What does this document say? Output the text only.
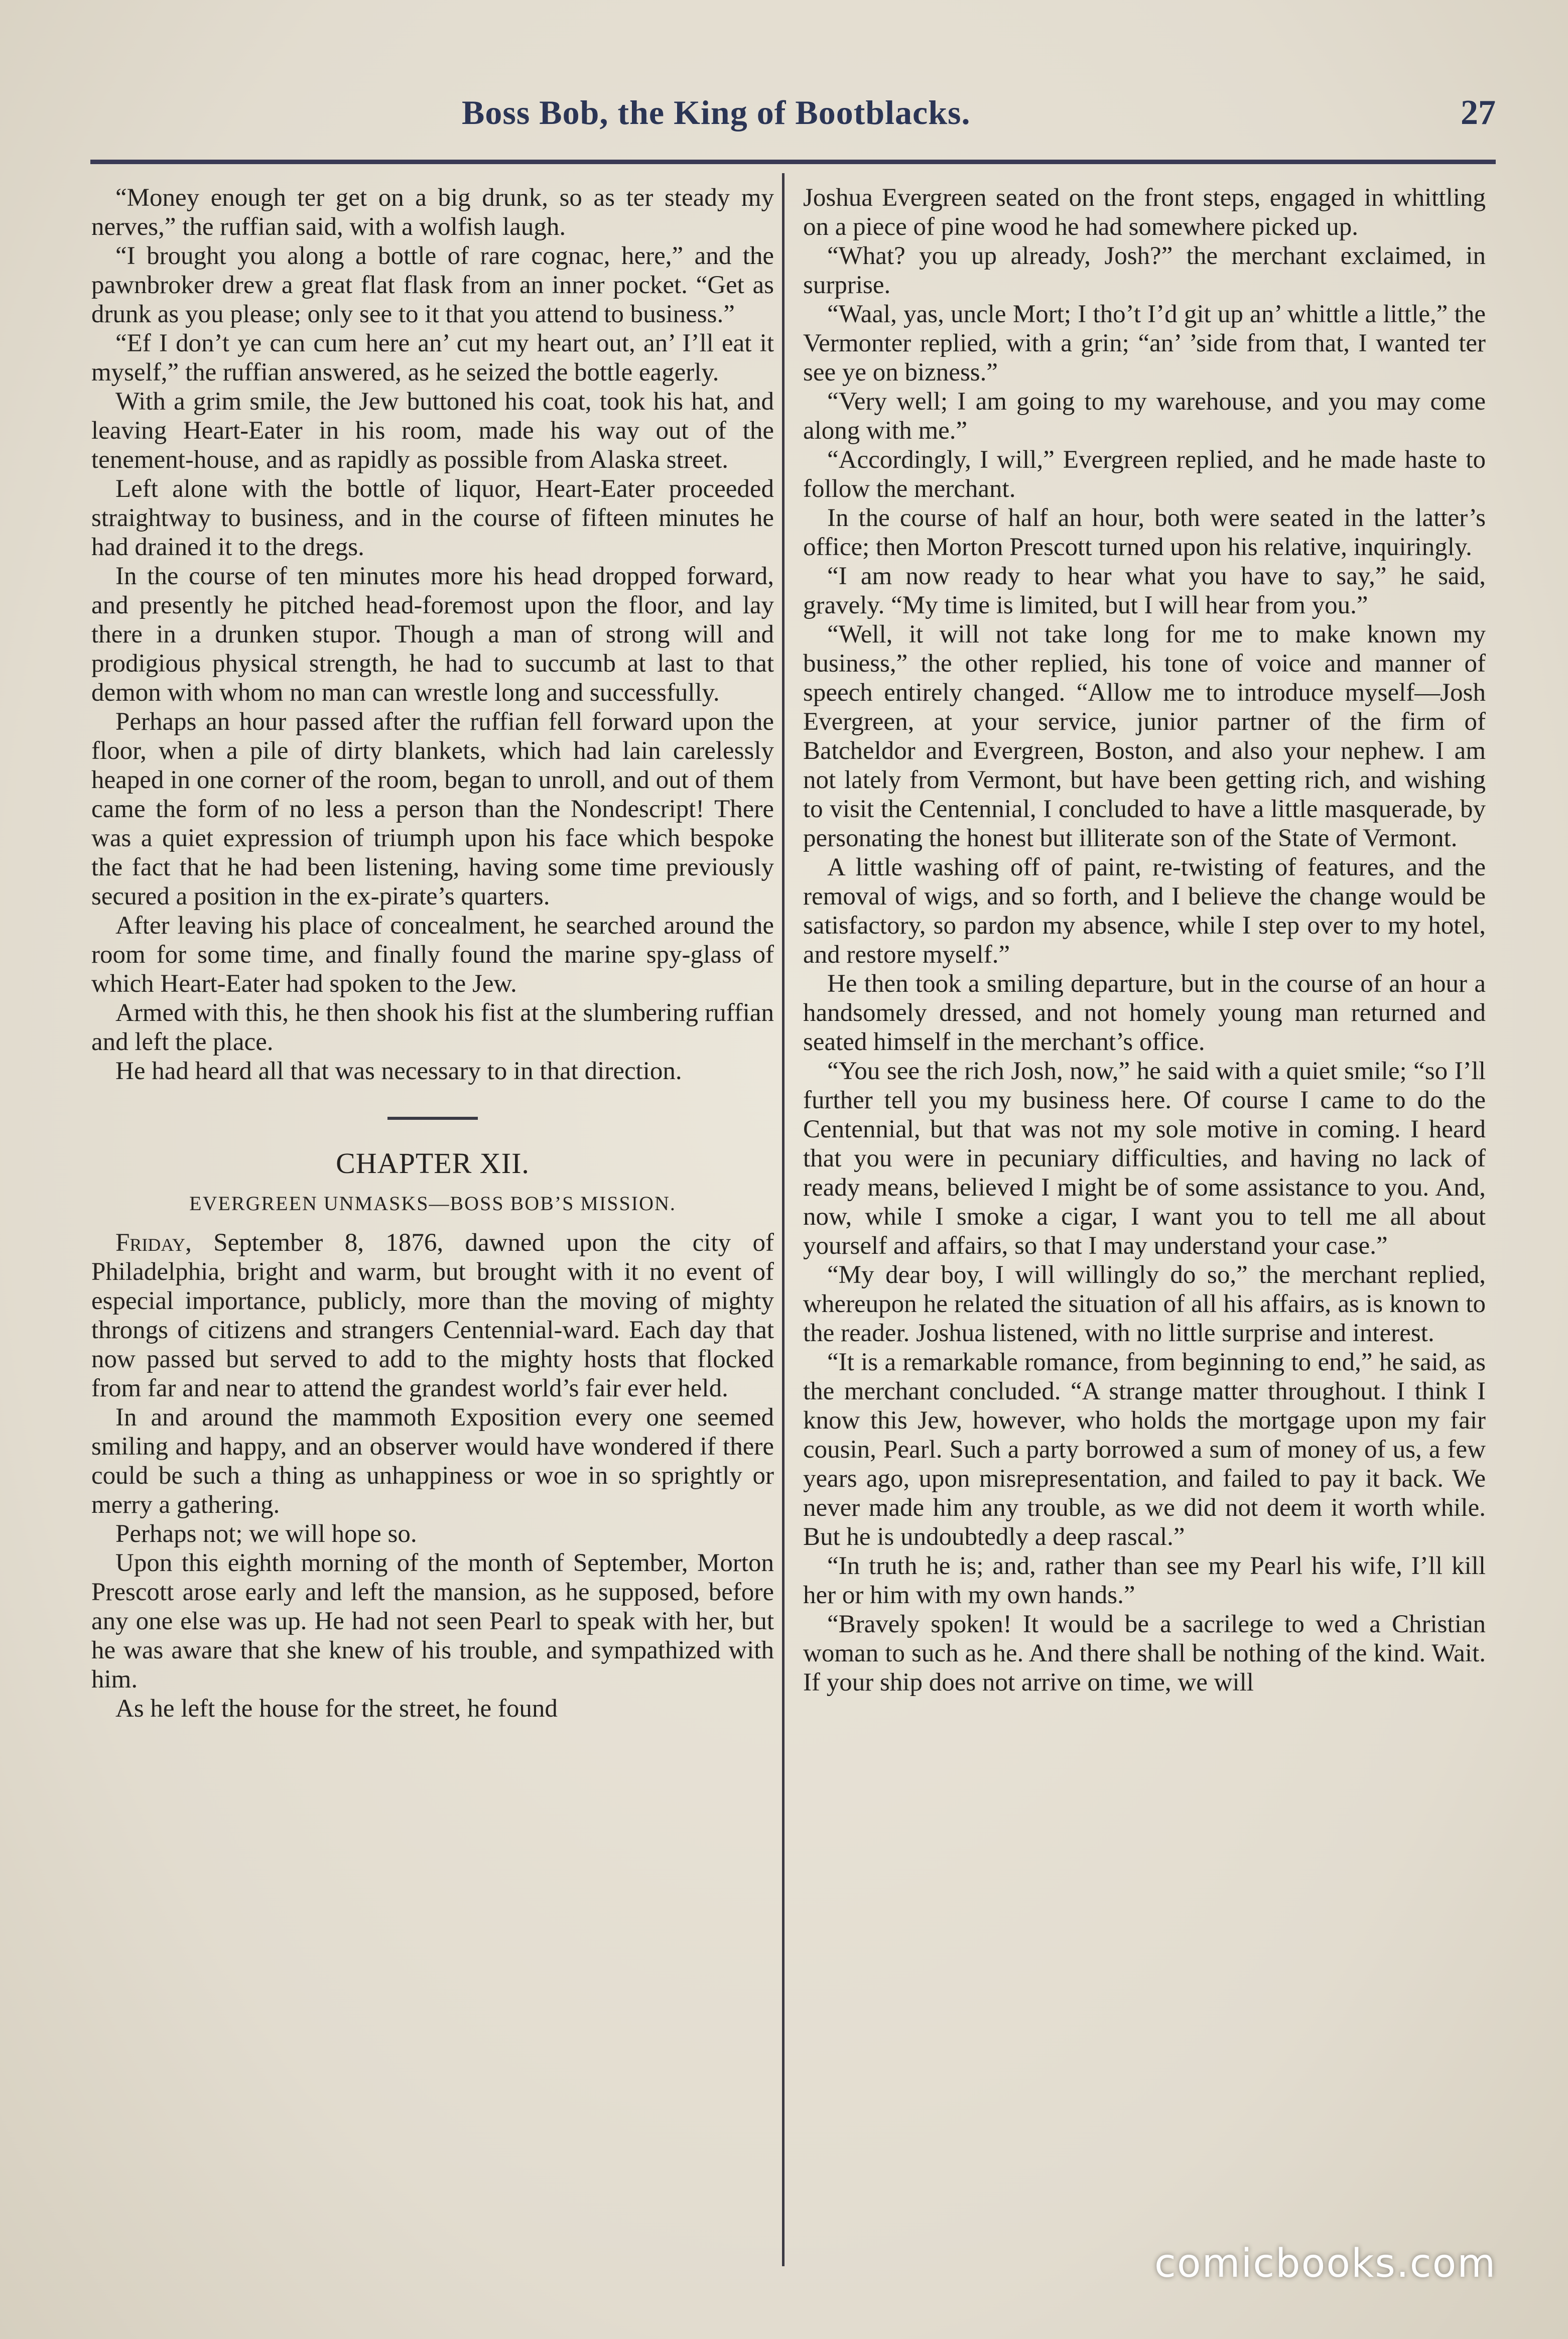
Boss Bob, the King of Bootblacks.	27

“Money enough ter get on a big drunk, so as ter steady my nerves,” the ruffian said, with a wolfish laugh.

“I brought you along a bottle of rare cognac, here,” and the pawnbroker drew a great flat flask from an inner pocket. “Get as drunk as you please; only see to it that you attend to business.”

“Ef I don’t ye can cum here an’ cut my heart out, an’ I’ll eat it myself,” the ruffian answered, as he seized the bottle eagerly.

With a grim smile, the Jew buttoned his coat, took his hat, and leaving Heart-Eater in his room, made his way out of the tenement-house, and as rapidly as possible from Alaska street.

Left alone with the bottle of liquor, Heart-Eater proceeded straightway to business, and in the course of fifteen minutes he had drained it to the dregs.

In the course of ten minutes more his head dropped forward, and presently he pitched head-foremost upon the floor, and lay there in a drunken stupor. Though a man of strong will and prodigious physical strength, he had to succumb at last to that demon with whom no man can wrestle long and successfully.

Perhaps an hour passed after the ruffian fell forward upon the floor, when a pile of dirty blankets, which had lain carelessly heaped in one corner of the room, began to unroll, and out of them came the form of no less a person than the Nondescript! There was a quiet expression of triumph upon his face which bespoke the fact that he had been listening, having some time previously secured a position in the ex-pirate’s quarters.

After leaving his place of concealment, he searched around the room for some time, and finally found the marine spy-glass of which Heart-Eater had spoken to the Jew.

Armed with this, he then shook his fist at the slumbering ruffian and left the place.

He had heard all that was necessary to in that direction.

CHAPTER XII.
EVERGREEN UNMASKS—BOSS BOB’S MISSION.

Friday, September 8, 1876, dawned upon the city of Philadelphia, bright and warm, but brought with it no event of especial importance, publicly, more than the moving of mighty throngs of citizens and strangers Centennial-ward. Each day that now passed but served to add to the mighty hosts that flocked from far and near to attend the grandest world’s fair ever held.

In and around the mammoth Exposition every one seemed smiling and happy, and an observer would have wondered if there could be such a thing as unhappiness or woe in so sprightly or merry a gathering.

Perhaps not; we will hope so.

Upon this eighth morning of the month of September, Morton Prescott arose early and left the mansion, as he supposed, before any one else was up. He had not seen Pearl to speak with her, but he was aware that she knew of his trouble, and sympathized with him.

As he left the house for the street, he found

Joshua Evergreen seated on the front steps, engaged in whittling on a piece of pine wood he had somewhere picked up.

“What? you up already, Josh?” the merchant exclaimed, in surprise.

“Waal, yas, uncle Mort; I tho’t I’d git up an’ whittle a little,” the Vermonter replied, with a grin; “an’ ’side from that, I wanted ter see ye on bizness.”

“Very well; I am going to my warehouse, and you may come along with me.”

“Accordingly, I will,” Evergreen replied, and he made haste to follow the merchant.

In the course of half an hour, both were seated in the latter’s office; then Morton Prescott turned upon his relative, inquiringly.

“I am now ready to hear what you have to say,” he said, gravely. “My time is limited, but I will hear from you.”

“Well, it will not take long for me to make known my business,” the other replied, his tone of voice and manner of speech entirely changed. “Allow me to introduce myself—Josh Evergreen, at your service, junior partner of the firm of Batcheldor and Evergreen, Boston, and also your nephew. I am not lately from Vermont, but have been getting rich, and wishing to visit the Centennial, I concluded to have a little masquerade, by personating the honest but illiterate son of the State of Vermont.

A little washing off of paint, re-twisting of features, and the removal of wigs, and so forth, and I believe the change would be satisfactory, so pardon my absence, while I step over to my hotel, and restore myself.”

He then took a smiling departure, but in the course of an hour a handsomely dressed, and not homely young man returned and seated himself in the merchant’s office.

“You see the rich Josh, now,” he said with a quiet smile; “so I’ll further tell you my business here. Of course I came to do the Centennial, but that was not my sole motive in coming. I heard that you were in pecuniary difficulties, and having no lack of ready means, believed I might be of some assistance to you. And, now, while I smoke a cigar, I want you to tell me all about yourself and affairs, so that I may understand your case.”

“My dear boy, I will willingly do so,” the merchant replied, whereupon he related the situation of all his affairs, as is known to the reader. Joshua listened, with no little surprise and interest.

“It is a remarkable romance, from beginning to end,” he said, as the merchant concluded. “A strange matter throughout. I think I know this Jew, however, who holds the mortgage upon my fair cousin, Pearl. Such a party borrowed a sum of money of us, a few years ago, upon misrepresentation, and failed to pay it back. We never made him any trouble, as we did not deem it worth while. But he is undoubtedly a deep rascal.”

“In truth he is; and, rather than see my Pearl his wife, I’ll kill her or him with my own hands.”

“Bravely spoken! It would be a sacrilege to wed a Christian woman to such as he. And there shall be nothing of the kind. Wait. If your ship does not arrive on time, we will

comicbooks.com
